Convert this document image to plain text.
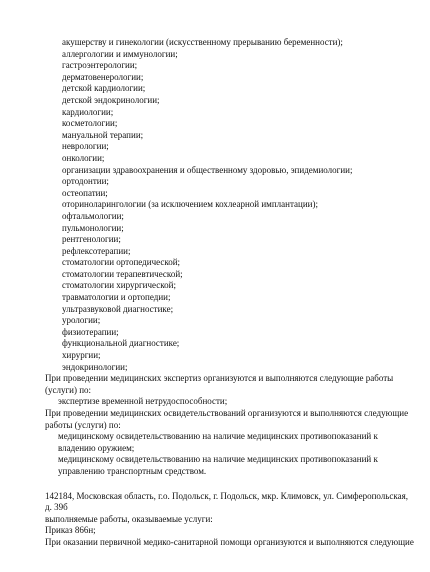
акушерству и гинекологии (искусственному прерыванию беременности);
аллергологии и иммунологии;
гастроэнтерологии;
дерматовенерологии;
детской кардиологии;
детской эндокринологии;
кардиологии;
косметологии;
мануальной терапии;
неврологии;
онкологии;
организации здравоохранения и общественному здоровью, эпидемиологии;
ортодонтии;
остеопатии;
оториноларингологии (за исключением кохлеарной имплантации);
офтальмологии;
пульмонологии;
рентгенологии;
рефлексотерапии;
стоматологии ортопедической;
стоматологии терапевтической;
стоматологии хирургической;
травматологии и ортопедии;
ультразвуковой диагностике;
урологии;
физиотерапии;
функциональной диагностике;
хирургии;
эндокринологии;
При проведении медицинских экспертиз организуются и выполняются следующие работы (услуги) по:
экспертизе временной нетрудоспособности;
При проведении медицинских освидетельствований организуются и выполняются следующие работы (услуги) по:
медицинскому освидетельствованию на наличие медицинских противопоказаний к владению оружием;
медицинскому освидетельствованию на наличие медицинских противопоказаний к управлению транспортным средством.
142184, Московская область, г.о. Подольск, г. Подольск, мкр. Климовск, ул. Симферопольская, д. 39б
выполняемые работы, оказываемые услуги:
Приказ 866н;
При оказании первичной медико-санитарной помощи организуются и выполняются следующие
